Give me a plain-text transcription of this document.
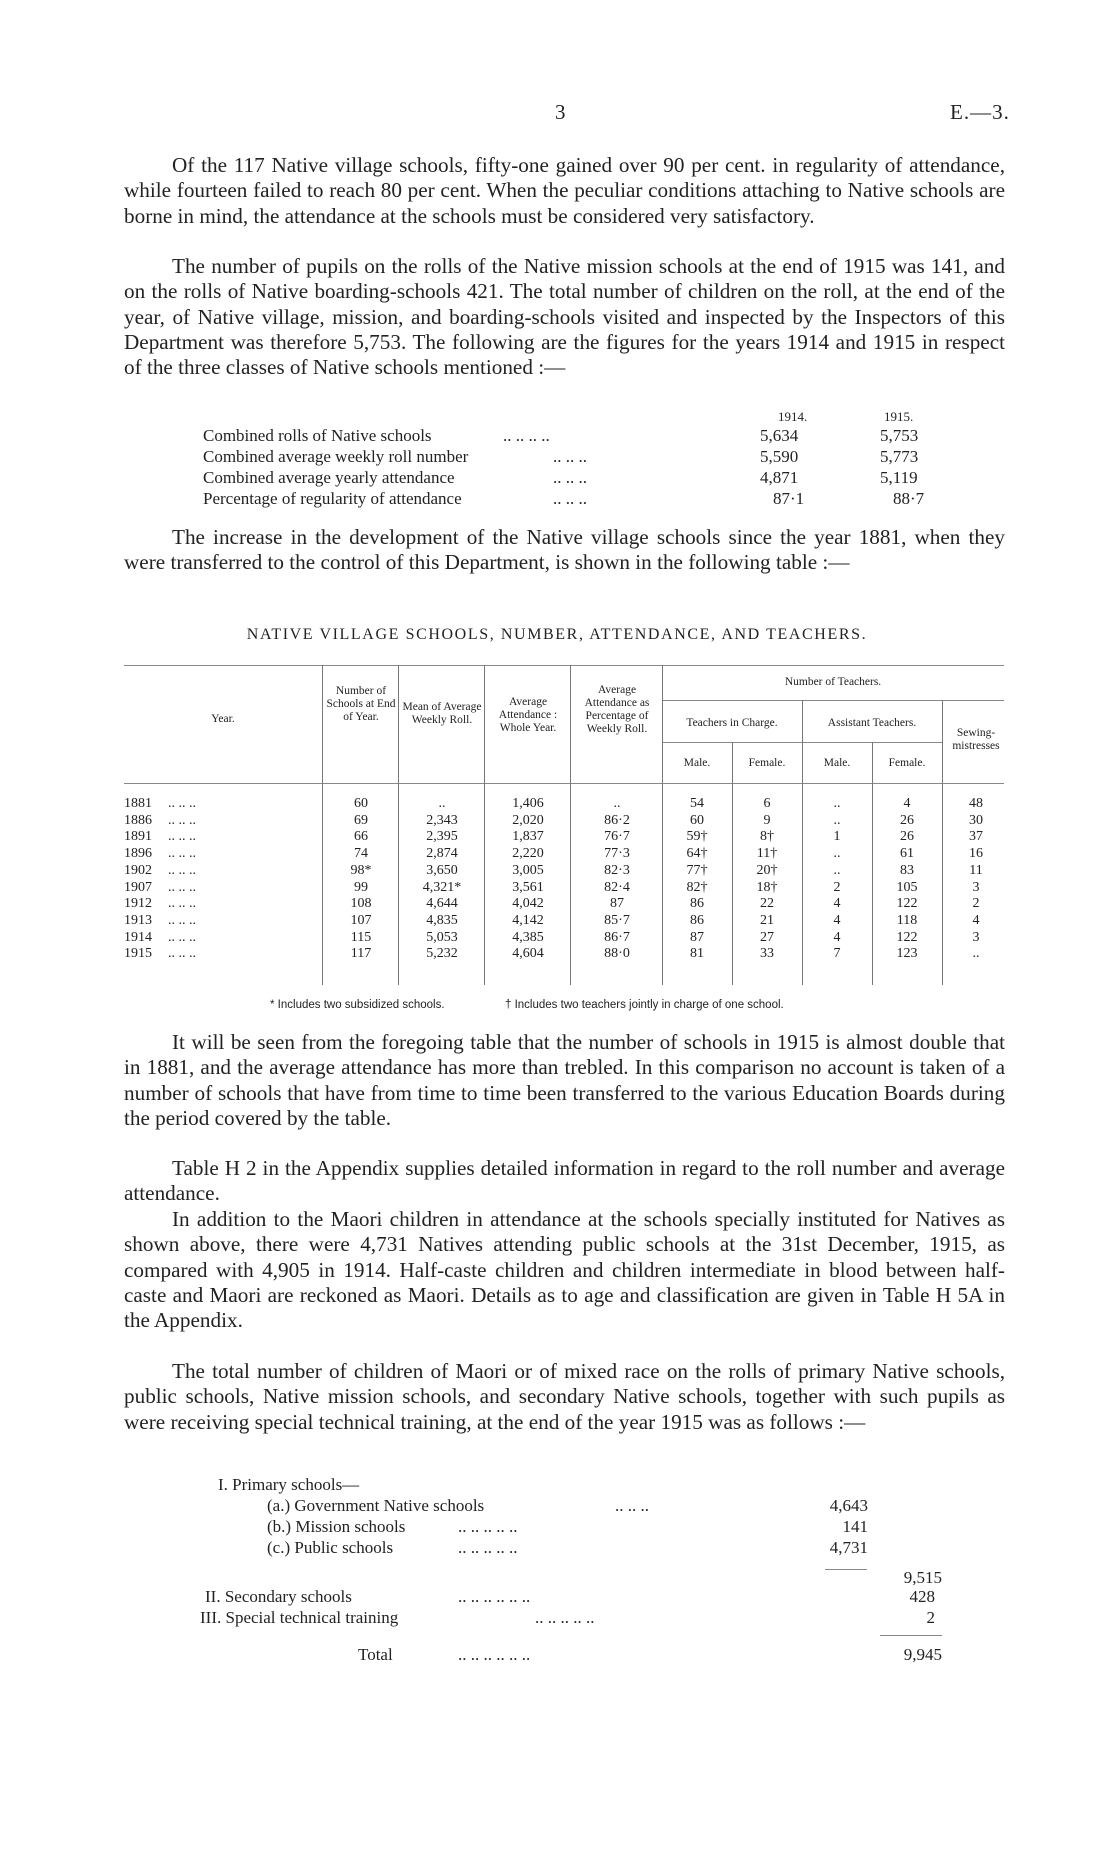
3	E.—3.

Of the 117 Native village schools, fifty-one gained over 90 per cent. in regularity of attendance, while fourteen failed to reach 80 per cent. When the peculiar conditions attaching to Native schools are borne in mind, the attendance at the schools must be considered very satisfactory.

The number of pupils on the rolls of the Native mission schools at the end of 1915 was 141, and on the rolls of Native boarding-schools 421. The total number of children on the roll, at the end of the year, of Native village, mission, and boarding-schools visited and inspected by the Inspectors of this Department was therefore 5,753. The following are the figures for the years 1914 and 1915 in respect of the three classes of Native schools mentioned :—

1914.	1915.
Combined rolls of Native schools	.. .. .. ..	5,634	5,753
Combined average weekly roll number	.. .. ..	5,590	5,773
Combined average yearly attendance	.. .. ..	4,871	5,119
Percentage of regularity of attendance	.. .. ..	87·1	88·7

The increase in the development of the Native village schools since the year 1881, when they were transferred to the control of this Department, is shown in the following table :—

NATIVE VILLAGE SCHOOLS, NUMBER, ATTENDANCE, AND TEACHERS.
Year.
Number of Schools at End of Year.
Mean of Average Weekly Roll.
Average Attendance : Whole Year.
Average Attendance as Percentage of Weekly Roll.
Number of Teachers.
Teachers in Charge.	Assistant Teachers.
Male.	Female.	Male.	Female.
Sewing-mistresses
1881 .. .. ..	60	..	1,406	..	54	6	..	4	48
1886 .. .. ..	69	2,343	2,020	86·2	60	9	..	26	30
1891 .. .. ..	66	2,395	1,837	76·7	59†	8†	1	26	37
1896 .. .. ..	74	2,874	2,220	77·3	64†	11†	..	61	16
1902 .. .. ..	98*	3,650	3,005	82·3	77†	20†	..	83	11
1907 .. .. ..	99	4,321*	3,561	82·4	82†	18†	2	105	3
1912 .. .. ..	108	4,644	4,042	87	86	22	4	122	2
1913 .. .. ..	107	4,835	4,142	85·7	86	21	4	118	4
1914 .. .. ..	115	5,053	4,385	86·7	87	27	4	122	3
1915 .. .. ..	117	5,232	4,604	88·0	81	33	7	123	..
* Includes two subsidized schools.	† Includes two teachers jointly in charge of one school.

It will be seen from the foregoing table that the number of schools in 1915 is almost double that in 1881, and the average attendance has more than trebled. In this comparison no account is taken of a number of schools that have from time to time been transferred to the various Education Boards during the period covered by the table.

Table H 2 in the Appendix supplies detailed information in regard to the roll number and average attendance.

In addition to the Maori children in attendance at the schools specially instituted for Natives as shown above, there were 4,731 Natives attending public schools at the 31st December, 1915, as compared with 4,905 in 1914. Half-caste children and children intermediate in blood between half-caste and Maori are reckoned as Maori. Details as to age and classification are given in Table H 5A in the Appendix.

The total number of children of Maori or of mixed race on the rolls of primary Native schools, public schools, Native mission schools, and secondary Native schools, together with such pupils as were receiving special technical training, at the end of the year 1915 was as follows :—

I. Primary schools—
(a.) Government Native schools	.. .. ..	4,643
(b.) Mission schools	.. .. .. .. ..	141
(c.) Public schools	.. .. .. .. ..	4,731
9,515
II. Secondary schools	.. .. .. .. .. ..	428
III. Special technical training	.. .. .. .. ..	2
Total	.. .. .. .. .. ..	9,945
